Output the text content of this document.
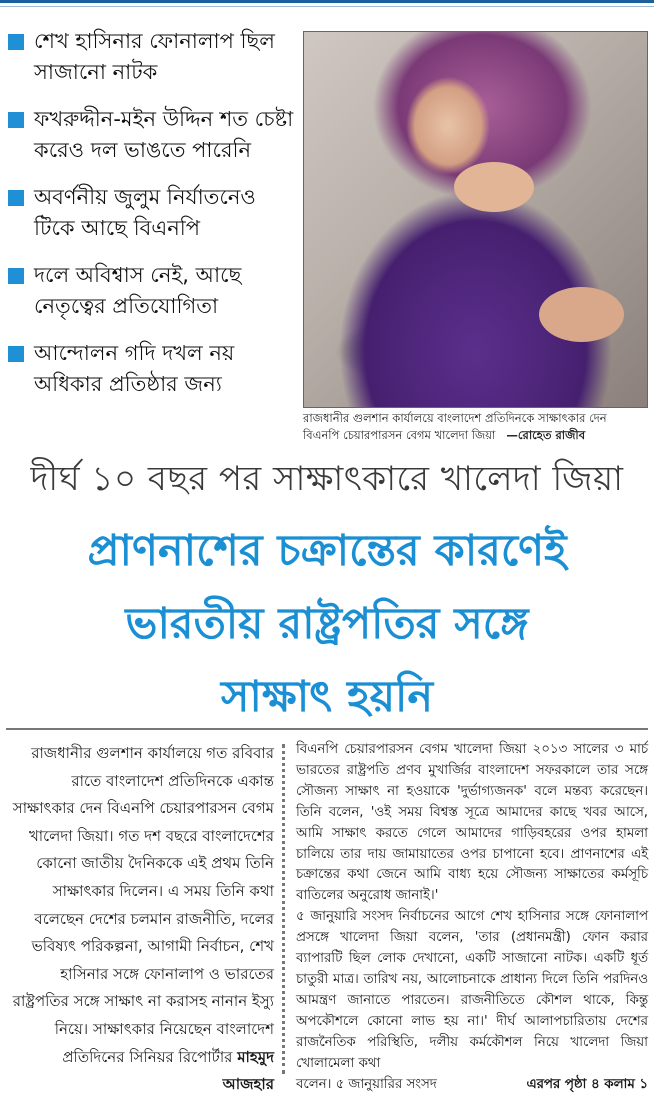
শেখ হাসিনার ফোনালাপ ছিল সাজানো নাটক
ফখরুদ্দীন-মইন উদ্দিন শত চেষ্টা করেও দল ভাঙতে পারেনি
অবর্ণনীয় জুলুম নির্যাতনেও টিকে আছে বিএনপি
দলে অবিশ্বাস নেই, আছে নেতৃত্বের প্রতিযোগিতা
আন্দোলন গদি দখল নয় অধিকার প্রতিষ্ঠার জন্য
রাজধানীর গুলশান কার্যালয়ে বাংলাদেশ প্রতিদিনকে সাক্ষাৎকার দেন বিএনপি চেয়ারপারসন বেগম খালেদা জিয়া —রোহেত রাজীব
দীর্ঘ ১০ বছর পর সাক্ষাৎকারে খালেদা জিয়া
প্রাণনাশের চক্রান্তের কারণেই
ভারতীয় রাষ্ট্রপতির সঙ্গে
সাক্ষাৎ হয়নি
রাজধানীর গুলশান কার্যালয়ে গত রবিবার রাতে বাংলাদেশ প্রতিদিনকে একান্ত সাক্ষাৎকার দেন বিএনপি চেয়ারপারসন বেগম খালেদা জিয়া। গত দশ বছরে বাংলাদেশের কোনো জাতীয় দৈনিককে এই প্রথম তিনি সাক্ষাৎকার দিলেন। এ সময় তিনি কথা বলেছেন দেশের চলমান রাজনীতি, দলের ভবিষ্যৎ পরিকল্পনা, আগামী নির্বাচন, শেখ হাসিনার সঙ্গে ফোনালাপ ও ভারতের রাষ্ট্রপতির সঙ্গে সাক্ষাৎ না করাসহ নানান ইস্যু নিয়ে। সাক্ষাৎকার নিয়েছেন বাংলাদেশ প্রতিদিনের সিনিয়র রিপোর্টার মাহমুদ আজহার

বিএনপি চেয়ারপারসন বেগম খালেদা জিয়া ২০১৩ সালের ৩ মার্চ ভারতের রাষ্ট্রপতি প্রণব মুখার্জির বাংলাদেশ সফরকালে তার সঙ্গে সৌজন্য সাক্ষাৎ না হওয়াকে 'দুর্ভাগ্যজনক' বলে মন্তব্য করেছেন। তিনি বলেন, 'ওই সময় বিশ্বস্ত সূত্রে আমাদের কাছে খবর আসে, আমি সাক্ষাৎ করতে গেলে আমাদের গাড়িবহরের ওপর হামলা চালিয়ে তার দায় জামায়াতের ওপর চাপানো হবে। প্রাণনাশের এই চক্রান্তের কথা জেনে আমি বাধ্য হয়ে সৌজন্য সাক্ষাতের কর্মসূচি বাতিলের অনুরোধ জানাই।'

৫ জানুয়ারি সংসদ নির্বাচনের আগে শেখ হাসিনার সঙ্গে ফোনালাপ প্রসঙ্গে খালেদা জিয়া বলেন, 'তার (প্রধানমন্ত্রী) ফোন করার ব্যাপারটি ছিল লোক দেখানো, একটি সাজানো নাটক। একটি ধূর্ত চাতুরী মাত্র। তারিখ নয়, আলোচনাকে প্রাধান্য দিলে তিনি পরদিনও আমন্ত্রণ জানাতে পারতেন। রাজনীতিতে কৌশল থাকে, কিন্তু অপকৌশলে কোনো লাভ হয় না।' দীর্ঘ আলাপচারিতায় দেশের রাজনৈতিক পরিস্থিতি, দলীয় কর্মকৌশল নিয়ে খালেদা জিয়া খোলামেলা কথা

বলেন। ৫ জানুয়ারির সংসদ	এরপর পৃষ্ঠা ৪ কলাম ১
